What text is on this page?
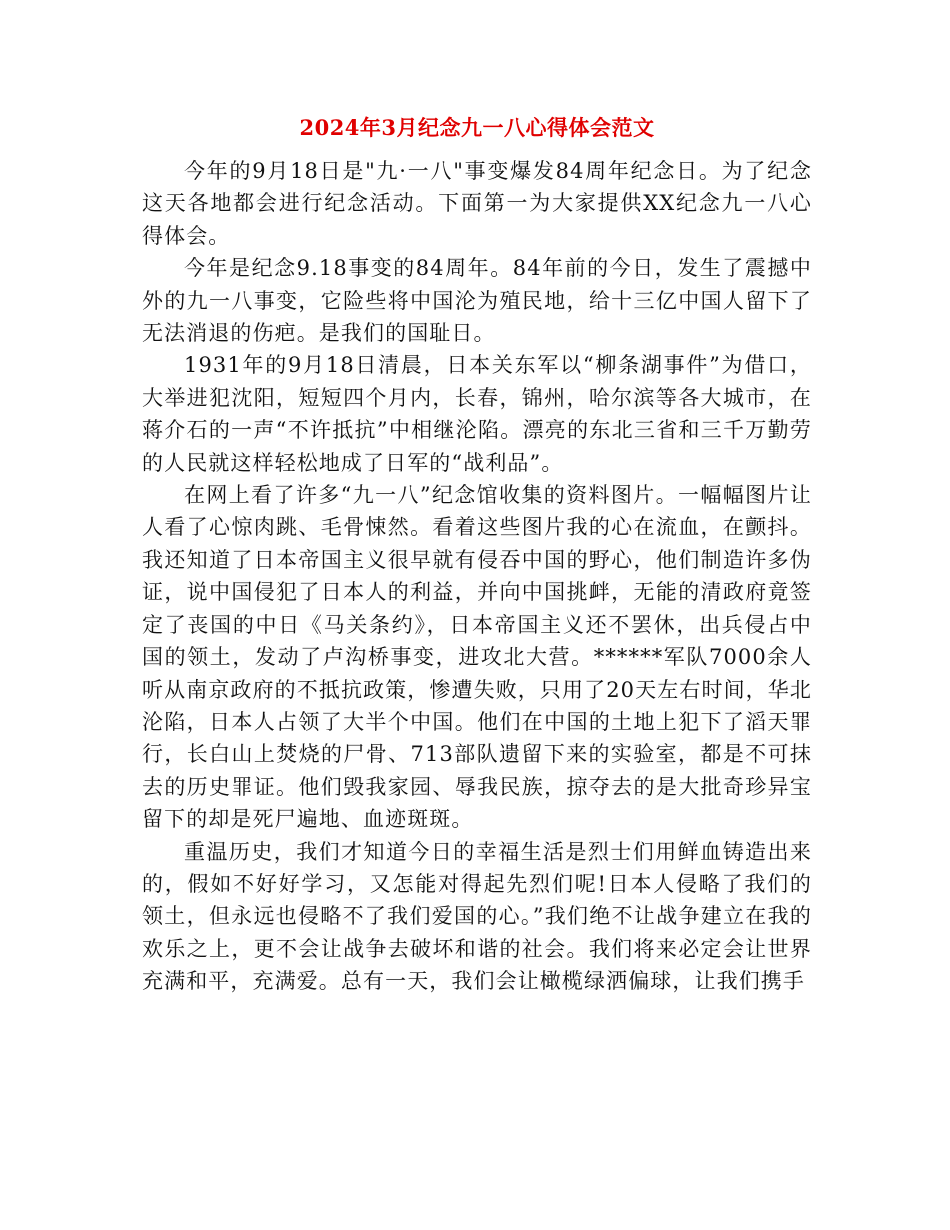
2024年3月纪念九一八心得体会范文

今年的9月18日是"九·一八"事变爆发84周年纪念日。为了纪念这天各地都会进行纪念活动。下面第一为大家提供XX纪念九一八心得体会。

今年是纪念9.18事变的84周年。84年前的今日，发生了震撼中外的九一八事变，它险些将中国沦为殖民地，给十三亿中国人留下了无法消退的伤疤。是我们的国耻日。

1931年的9月18日清晨，日本关东军以“柳条湖事件”为借口，大举进犯沈阳，短短四个月内，长春，锦州，哈尔滨等各大城市，在蒋介石的一声“不许抵抗”中相继沦陷。漂亮的东北三省和三千万勤劳的人民就这样轻松地成了日军的“战利品”。

在网上看了许多“九一八”纪念馆收集的资料图片。一幅幅图片让人看了心惊肉跳、毛骨悚然。看着这些图片我的心在流血，在颤抖。我还知道了日本帝国主义很早就有侵吞中国的野心，他们制造许多伪证，说中国侵犯了日本人的利益，并向中国挑衅，无能的清政府竟签定了丧国的中日《马关条约》，日本帝国主义还不罢休，出兵侵占中国的领土，发动了卢沟桥事变，进攻北大营。******军队7000余人听从南京政府的不抵抗政策，惨遭失败，只用了20天左右时间，华北沦陷，日本人占领了大半个中国。他们在中国的土地上犯下了滔天罪行，长白山上焚烧的尸骨、713部队遗留下来的实验室，都是不可抹去的历史罪证。他们毁我家园、辱我民族，掠夺去的是大批奇珍异宝留下的却是死尸遍地、血迹斑斑。

重温历史，我们才知道今日的幸福生活是烈士们用鲜血铸造出来的，假如不好好学习，又怎能对得起先烈们呢!日本人侵略了我们的领土，但永远也侵略不了我们爱国的心。”我们绝不让战争建立在我的欢乐之上，更不会让战争去破坏和谐的社会。我们将来必定会让世界充满和平，充满爱。总有一天，我们会让橄榄绿洒偏球，让我们携手
